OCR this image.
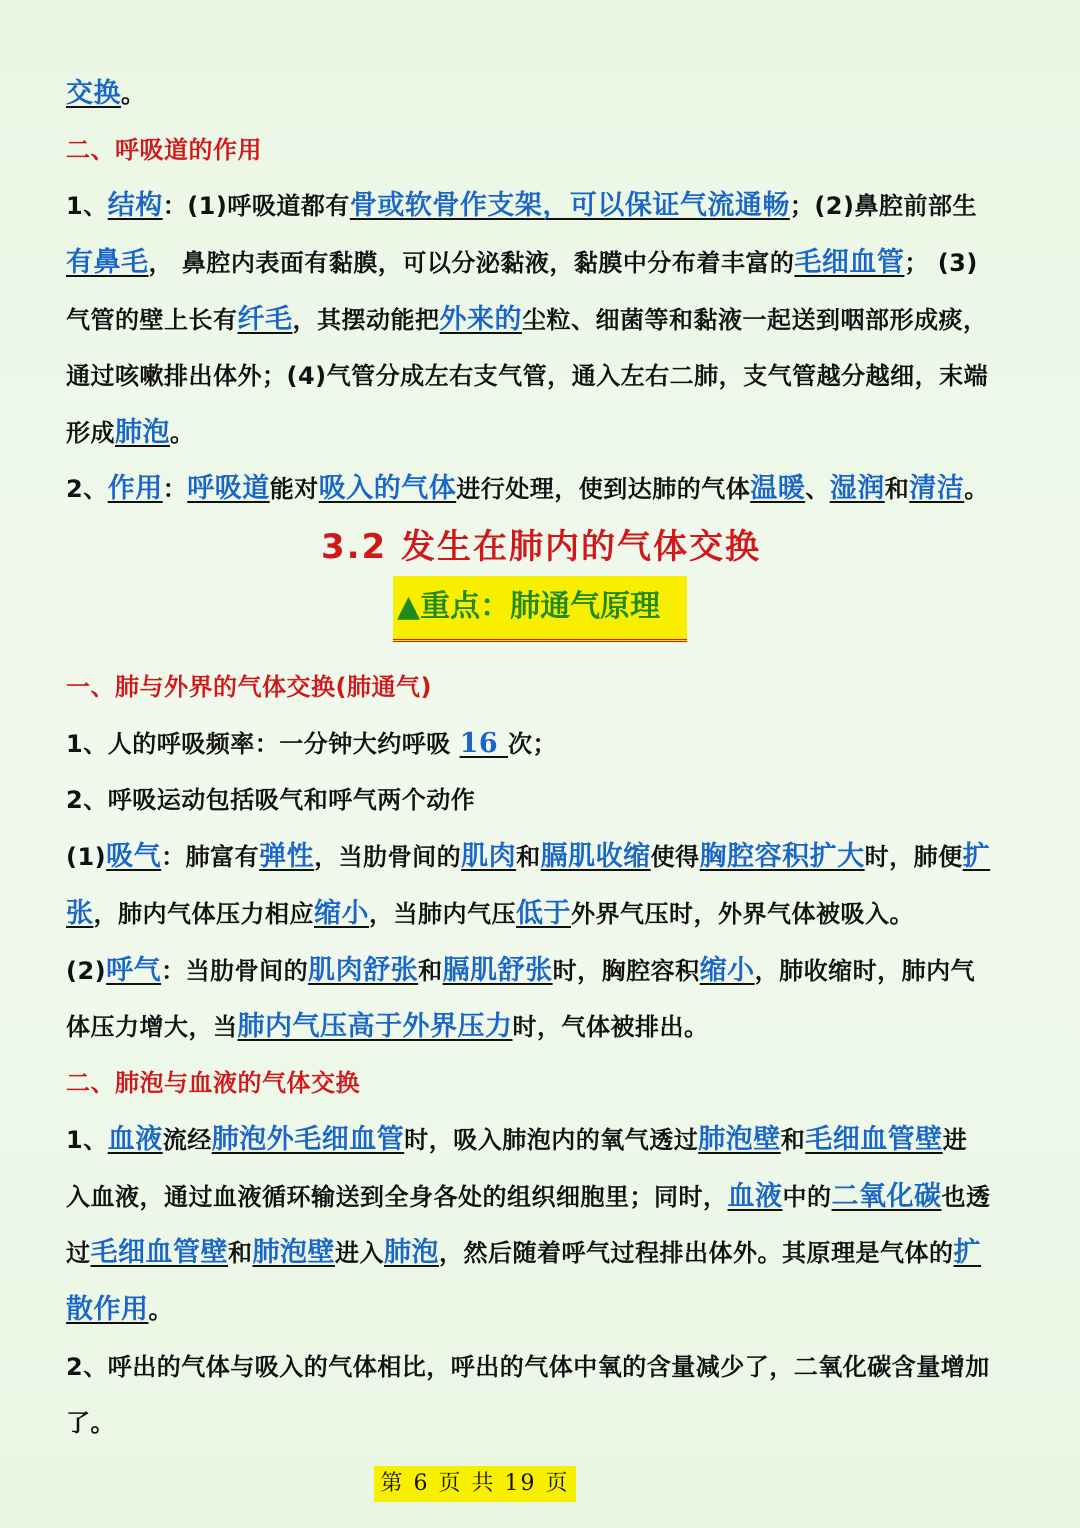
交换。
二、呼吸道的作用
1、结构：(1)呼吸道都有骨或软骨作支架，可以保证气流通畅；(2)鼻腔前部生
有鼻毛， 鼻腔内表面有黏膜，可以分泌黏液，黏膜中分布着丰富的毛细血管； (3)
气管的壁上长有纤毛，其摆动能把外来的尘粒、细菌等和黏液一起送到咽部形成痰，
通过咳嗽排出体外；(4)气管分成左右支气管，通入左右二肺，支气管越分越细，末端
形成肺泡。
2、作用：呼吸道能对吸入的气体进行处理，使到达肺的气体温暖、湿润和清洁。
一、肺与外界的气体交换(肺通气)
1、人的呼吸频率：一分钟大约呼吸 16 次；
2、呼吸运动包括吸气和呼气两个动作
(1)吸气：肺富有弹性，当肋骨间的肌肉和膈肌收缩使得胸腔容积扩大时，肺便扩
张，肺内气体压力相应缩小，当肺内气压低于外界气压时，外界气体被吸入。
(2)呼气：当肋骨间的肌肉舒张和膈肌舒张时，胸腔容积缩小，肺收缩时，肺内气
体压力增大，当肺内气压高于外界压力时，气体被排出。
二、肺泡与血液的气体交换
1、血液流经肺泡外毛细血管时，吸入肺泡内的氧气透过肺泡壁和毛细血管壁进
入血液，通过血液循环输送到全身各处的组织细胞里；同时，血液中的二氧化碳也透
过毛细血管壁和肺泡壁进入肺泡，然后随着呼气过程排出体外。其原理是气体的扩
散作用。
2、呼出的气体与吸入的气体相比，呼出的气体中氧的含量减少了，二氧化碳含量增加
了。
3.2 发生在肺内的气体交换
▲重点：肺通气原理
第 6 页 共 19 页
